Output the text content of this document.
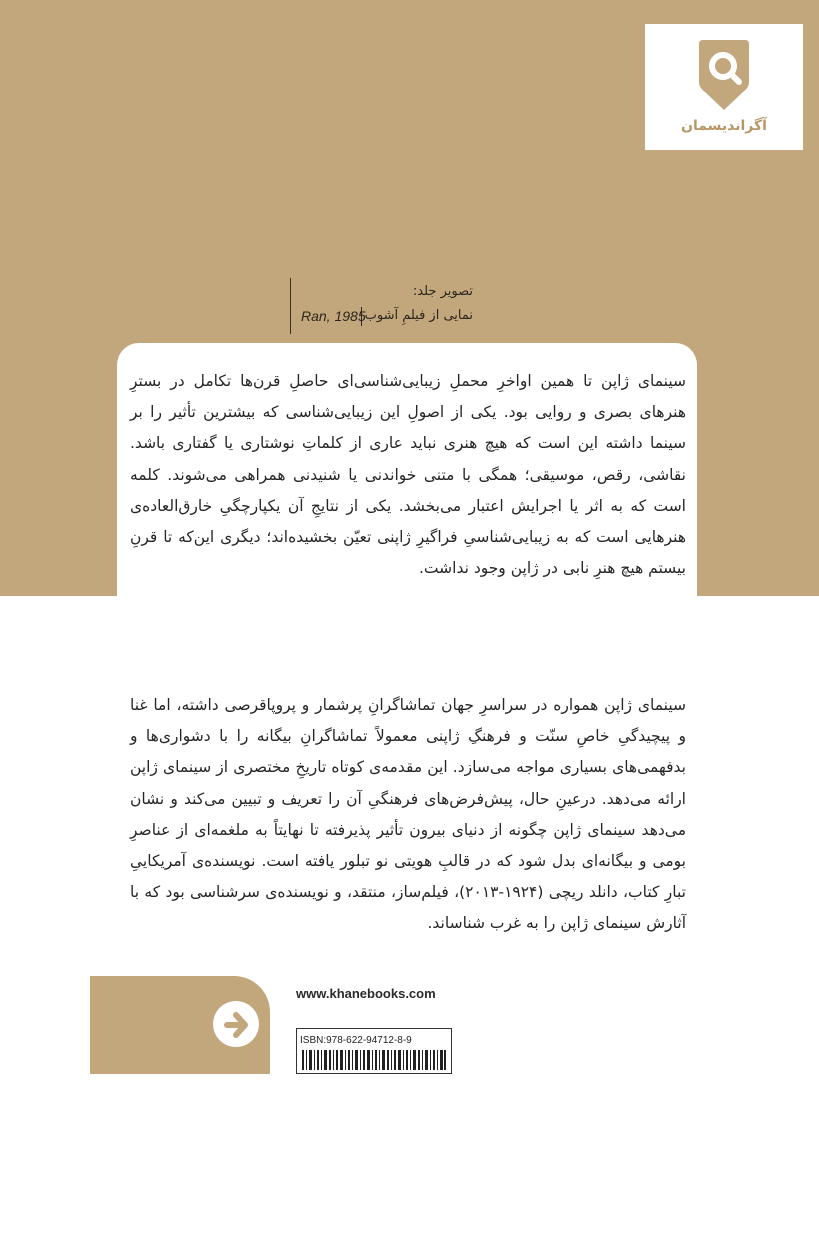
آگراندیسمان
تصویر جلد:
نمایی از فیلمِ آشوب
Ran, 1985
سینمای ژاپن تا همین اواخرِ محملِ زیبایی‌شناسی‌ای حاصلِ قرن‌ها تکامل در بسترِ هنرهای بصری و روایی بود. یکی از اصولِ این زیبایی‌شناسی که بیشترین تأثیر را بر سینما داشته این است که هیچ هنری نباید عاری از کلماتِ نوشتاری یا گفتاری باشد. نقاشی، رقص، موسیقی؛ همگی با متنی خواندنی یا شنیدنی همراهی می‌شوند. کلمه است که به اثر یا اجرایش اعتبار می‌بخشد. یکی از نتایجِ آن یکپارچگیِ خارق‌العاده‌ی هنرهایی است که به زیبایی‌شناسیِ فراگیرِ ژاپنی تعیّن بخشیده‌اند؛ دیگری این‌که تا قرنِ بیستم هیچ هنرِ نابی در ژاپن وجود نداشت.
سینمای ژاپن همواره در سراسرِ جهان تماشاگرانِ پرشمار و پروپاقرصی داشته، اما غنا و پیچیدگیِ خاصِ سنّت و فرهنگِ ژاپنی معمولاً تماشاگرانِ بیگانه را با دشواری‌ها و بدفهمی‌های بسیاری مواجه می‌سازد. این مقدمه‌ی کوتاه تاریخِ مختصری از سینمای ژاپن ارائه می‌دهد. درعینِ حال، پیش‌فرض‌های فرهنگیِ آن را تعریف و تبیین می‌کند و نشان می‌دهد سینمای ژاپن چگونه از دنیای بیرون تأثیر پذیرفته تا نهایتاً به ملغمه‌ای از عناصرِ بومی و بیگانه‌ای بدل شود که در قالبِ هویتی نو تبلور یافته است. نویسنده‌ی آمریکاییِ تبارِ کتاب، دانلد ریچی (۱۹۲۴-۲۰۱۳)، فیلم‌ساز، منتقد، و نویسنده‌ی سرشناسی بود که با آثارش سینمای ژاپن را به غرب شناساند.
www.khanebooks.com
ISBN:978-622-94712-8-9
